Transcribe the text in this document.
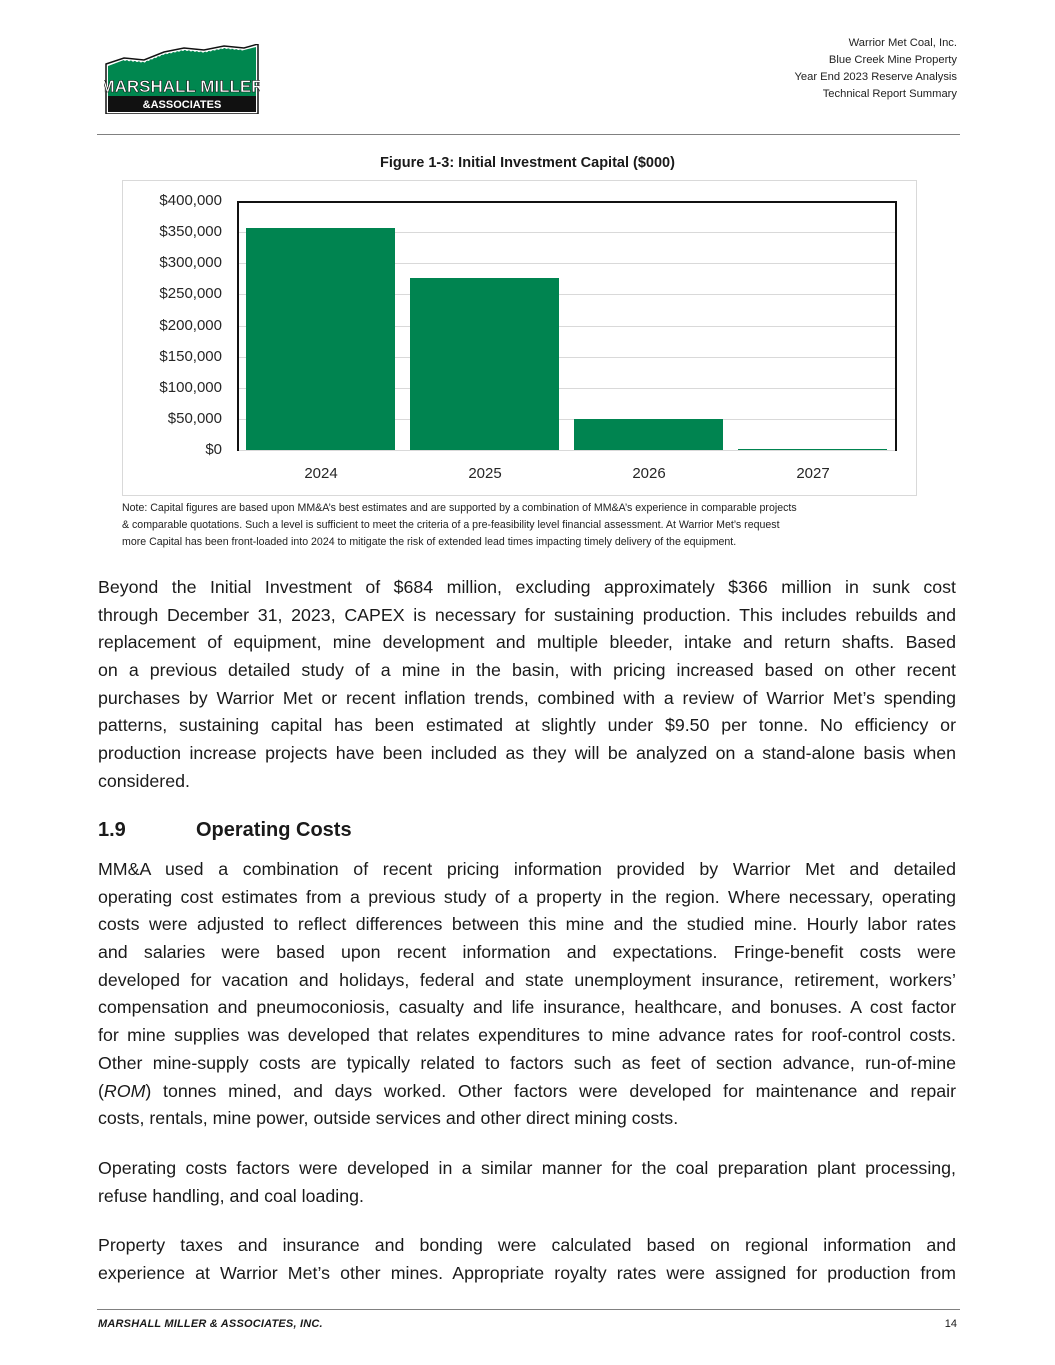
MARSHALL MILLER
&ASSOCIATES
Warrior Met Coal, Inc.
Blue Creek Mine Property
Year End 2023 Reserve Analysis
Technical Report Summary
Figure 1-3: Initial Investment Capital ($000)
$0
$50,000
$100,000
$150,000
$200,000
$250,000
$300,000
$350,000
$400,000
2024	2025	2026	2027
Note: Capital figures are based upon MM&A’s best estimates and are supported by a combination of MM&A’s experience in comparable projects
& comparable quotations. Such a level is sufficient to meet the criteria of a pre-feasibility level financial assessment. At Warrior Met’s request
more Capital has been front-loaded into 2024 to mitigate the risk of extended lead times impacting timely delivery of the equipment.
Beyond the Initial Investment of $684 million, excluding approximately $366 million in sunk cost
through December 31, 2023, CAPEX is necessary for sustaining production. This includes rebuilds and
replacement of equipment, mine development and multiple bleeder, intake and return shafts. Based
on a previous detailed study of a mine in the basin, with pricing increased based on other recent
purchases by Warrior Met or recent inflation trends, combined with a review of Warrior Met’s spending
patterns, sustaining capital has been estimated at slightly under $9.50 per tonne. No efficiency or
production increase projects have been included as they will be analyzed on a stand-alone basis when
considered.
1.9	Operating Costs
MM&A used a combination of recent pricing information provided by Warrior Met and detailed
operating cost estimates from a previous study of a property in the region. Where necessary, operating
costs were adjusted to reflect differences between this mine and the studied mine. Hourly labor rates
and salaries were based upon recent information and expectations. Fringe-benefit costs were
developed for vacation and holidays, federal and state unemployment insurance, retirement, workers’
compensation and pneumoconiosis, casualty and life insurance, healthcare, and bonuses. A cost factor
for mine supplies was developed that relates expenditures to mine advance rates for roof-control costs.
Other mine-supply costs are typically related to factors such as feet of section advance, run-of-mine
(ROM) tonnes mined, and days worked. Other factors were developed for maintenance and repair
costs, rentals, mine power, outside services and other direct mining costs.
Operating costs factors were developed in a similar manner for the coal preparation plant processing,
refuse handling, and coal loading.
Property taxes and insurance and bonding were calculated based on regional information and
experience at Warrior Met’s other mines. Appropriate royalty rates were assigned for production from
MARSHALL MILLER & ASSOCIATES, INC.	14
